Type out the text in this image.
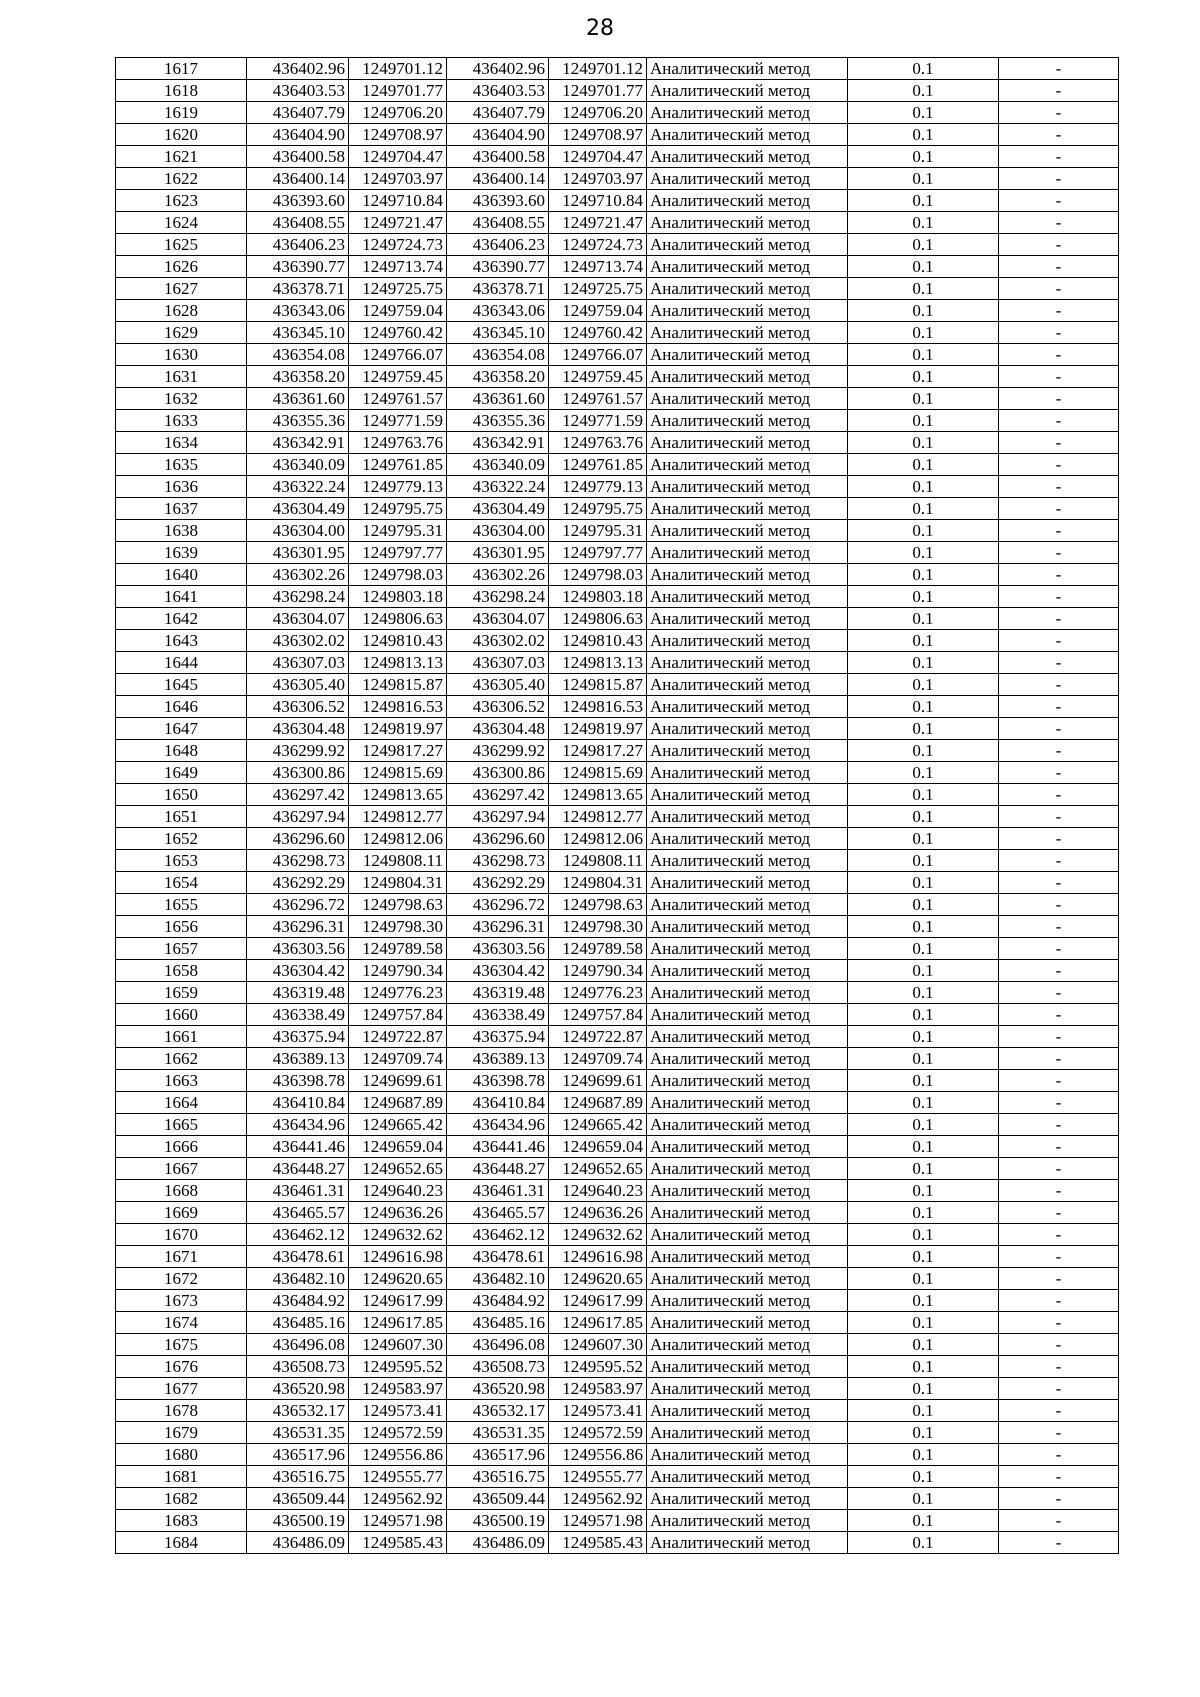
28
1617	436402.96	1249701.12	436402.96	1249701.12	Аналитический метод	0.1	-
1618	436403.53	1249701.77	436403.53	1249701.77	Аналитический метод	0.1	-
1619	436407.79	1249706.20	436407.79	1249706.20	Аналитический метод	0.1	-
1620	436404.90	1249708.97	436404.90	1249708.97	Аналитический метод	0.1	-
1621	436400.58	1249704.47	436400.58	1249704.47	Аналитический метод	0.1	-
1622	436400.14	1249703.97	436400.14	1249703.97	Аналитический метод	0.1	-
1623	436393.60	1249710.84	436393.60	1249710.84	Аналитический метод	0.1	-
1624	436408.55	1249721.47	436408.55	1249721.47	Аналитический метод	0.1	-
1625	436406.23	1249724.73	436406.23	1249724.73	Аналитический метод	0.1	-
1626	436390.77	1249713.74	436390.77	1249713.74	Аналитический метод	0.1	-
1627	436378.71	1249725.75	436378.71	1249725.75	Аналитический метод	0.1	-
1628	436343.06	1249759.04	436343.06	1249759.04	Аналитический метод	0.1	-
1629	436345.10	1249760.42	436345.10	1249760.42	Аналитический метод	0.1	-
1630	436354.08	1249766.07	436354.08	1249766.07	Аналитический метод	0.1	-
1631	436358.20	1249759.45	436358.20	1249759.45	Аналитический метод	0.1	-
1632	436361.60	1249761.57	436361.60	1249761.57	Аналитический метод	0.1	-
1633	436355.36	1249771.59	436355.36	1249771.59	Аналитический метод	0.1	-
1634	436342.91	1249763.76	436342.91	1249763.76	Аналитический метод	0.1	-
1635	436340.09	1249761.85	436340.09	1249761.85	Аналитический метод	0.1	-
1636	436322.24	1249779.13	436322.24	1249779.13	Аналитический метод	0.1	-
1637	436304.49	1249795.75	436304.49	1249795.75	Аналитический метод	0.1	-
1638	436304.00	1249795.31	436304.00	1249795.31	Аналитический метод	0.1	-
1639	436301.95	1249797.77	436301.95	1249797.77	Аналитический метод	0.1	-
1640	436302.26	1249798.03	436302.26	1249798.03	Аналитический метод	0.1	-
1641	436298.24	1249803.18	436298.24	1249803.18	Аналитический метод	0.1	-
1642	436304.07	1249806.63	436304.07	1249806.63	Аналитический метод	0.1	-
1643	436302.02	1249810.43	436302.02	1249810.43	Аналитический метод	0.1	-
1644	436307.03	1249813.13	436307.03	1249813.13	Аналитический метод	0.1	-
1645	436305.40	1249815.87	436305.40	1249815.87	Аналитический метод	0.1	-
1646	436306.52	1249816.53	436306.52	1249816.53	Аналитический метод	0.1	-
1647	436304.48	1249819.97	436304.48	1249819.97	Аналитический метод	0.1	-
1648	436299.92	1249817.27	436299.92	1249817.27	Аналитический метод	0.1	-
1649	436300.86	1249815.69	436300.86	1249815.69	Аналитический метод	0.1	-
1650	436297.42	1249813.65	436297.42	1249813.65	Аналитический метод	0.1	-
1651	436297.94	1249812.77	436297.94	1249812.77	Аналитический метод	0.1	-
1652	436296.60	1249812.06	436296.60	1249812.06	Аналитический метод	0.1	-
1653	436298.73	1249808.11	436298.73	1249808.11	Аналитический метод	0.1	-
1654	436292.29	1249804.31	436292.29	1249804.31	Аналитический метод	0.1	-
1655	436296.72	1249798.63	436296.72	1249798.63	Аналитический метод	0.1	-
1656	436296.31	1249798.30	436296.31	1249798.30	Аналитический метод	0.1	-
1657	436303.56	1249789.58	436303.56	1249789.58	Аналитический метод	0.1	-
1658	436304.42	1249790.34	436304.42	1249790.34	Аналитический метод	0.1	-
1659	436319.48	1249776.23	436319.48	1249776.23	Аналитический метод	0.1	-
1660	436338.49	1249757.84	436338.49	1249757.84	Аналитический метод	0.1	-
1661	436375.94	1249722.87	436375.94	1249722.87	Аналитический метод	0.1	-
1662	436389.13	1249709.74	436389.13	1249709.74	Аналитический метод	0.1	-
1663	436398.78	1249699.61	436398.78	1249699.61	Аналитический метод	0.1	-
1664	436410.84	1249687.89	436410.84	1249687.89	Аналитический метод	0.1	-
1665	436434.96	1249665.42	436434.96	1249665.42	Аналитический метод	0.1	-
1666	436441.46	1249659.04	436441.46	1249659.04	Аналитический метод	0.1	-
1667	436448.27	1249652.65	436448.27	1249652.65	Аналитический метод	0.1	-
1668	436461.31	1249640.23	436461.31	1249640.23	Аналитический метод	0.1	-
1669	436465.57	1249636.26	436465.57	1249636.26	Аналитический метод	0.1	-
1670	436462.12	1249632.62	436462.12	1249632.62	Аналитический метод	0.1	-
1671	436478.61	1249616.98	436478.61	1249616.98	Аналитический метод	0.1	-
1672	436482.10	1249620.65	436482.10	1249620.65	Аналитический метод	0.1	-
1673	436484.92	1249617.99	436484.92	1249617.99	Аналитический метод	0.1	-
1674	436485.16	1249617.85	436485.16	1249617.85	Аналитический метод	0.1	-
1675	436496.08	1249607.30	436496.08	1249607.30	Аналитический метод	0.1	-
1676	436508.73	1249595.52	436508.73	1249595.52	Аналитический метод	0.1	-
1677	436520.98	1249583.97	436520.98	1249583.97	Аналитический метод	0.1	-
1678	436532.17	1249573.41	436532.17	1249573.41	Аналитический метод	0.1	-
1679	436531.35	1249572.59	436531.35	1249572.59	Аналитический метод	0.1	-
1680	436517.96	1249556.86	436517.96	1249556.86	Аналитический метод	0.1	-
1681	436516.75	1249555.77	436516.75	1249555.77	Аналитический метод	0.1	-
1682	436509.44	1249562.92	436509.44	1249562.92	Аналитический метод	0.1	-
1683	436500.19	1249571.98	436500.19	1249571.98	Аналитический метод	0.1	-
1684	436486.09	1249585.43	436486.09	1249585.43	Аналитический метод	0.1	-
